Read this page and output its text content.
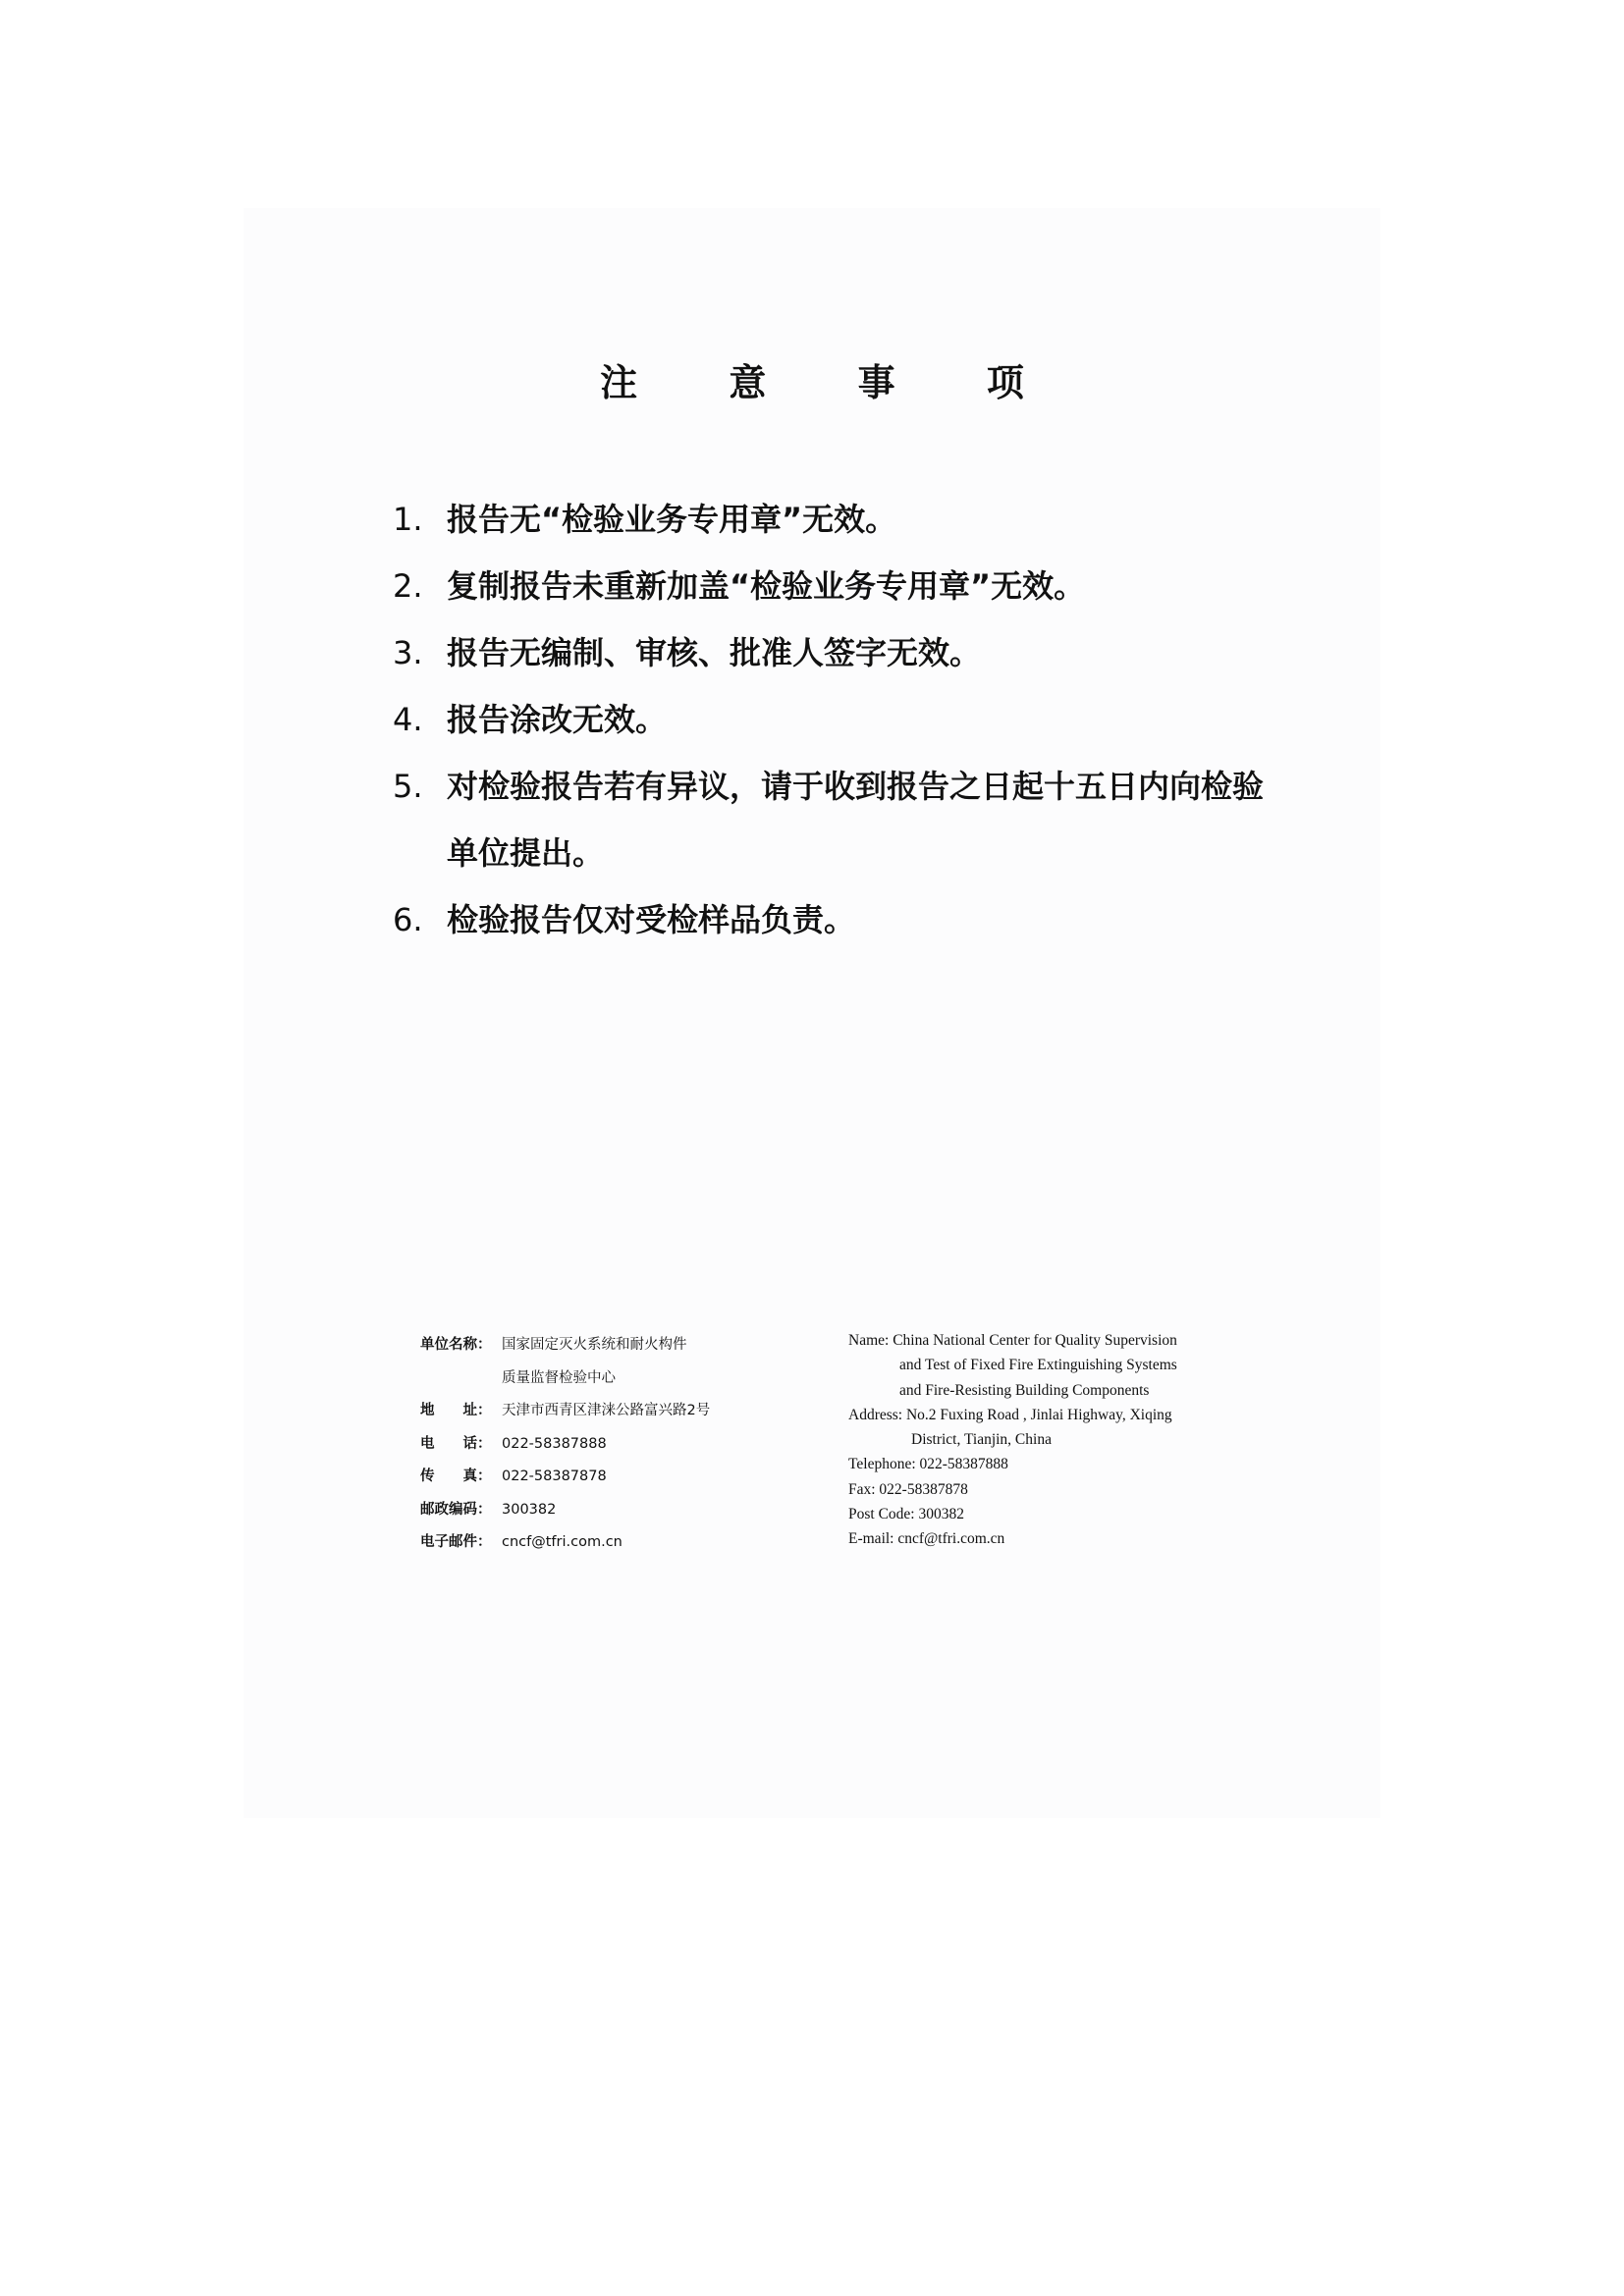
注 意 事 项
1. 报告无“检验业务专用章”无效。
2. 复制报告未重新加盖“检验业务专用章”无效。
3. 报告无编制、审核、批准人签字无效。
4. 报告涂改无效。
5. 对检验报告若有异议，请于收到报告之日起十五日内向检验单位提出。
6. 检验报告仅对受检样品负责。
单位名称： 国家固定灭火系统和耐火构件
质量监督检验中心
地　　址： 天津市西青区津涞公路富兴路2号
电　　话： 022-58387888
传　　真： 022-58387878
邮政编码： 300382
电子邮件： cncf@tfri.com.cn
Name: China National Center for Quality Supervision
and Test of Fixed Fire Extinguishing Systems
and Fire-Resisting Building Components
Address: No.2 Fuxing Road , Jinlai Highway, Xiqing
District, Tianjin, China
Telephone: 022-58387888
Fax: 022-58387878
Post Code: 300382
E-mail: cncf@tfri.com.cn
